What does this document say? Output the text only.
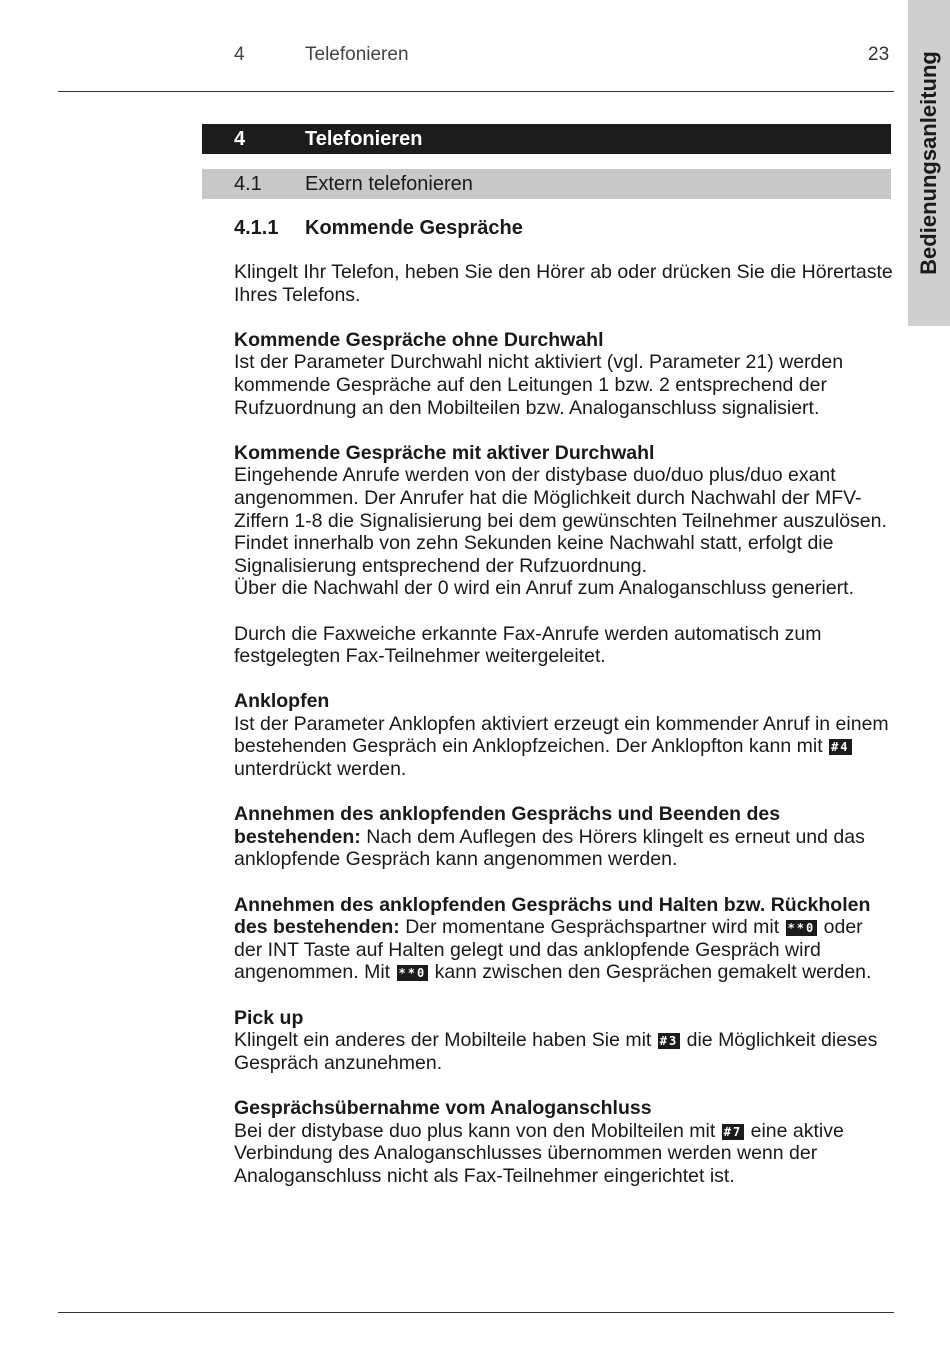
4	Telefonieren	23 Bedienungsanleitung
4	Telefonieren
4.1 Extern telefonieren
4.1.1 Kommende Gespräche

Klingelt Ihr Telefon, heben Sie den Hörer ab oder drücken Sie die Hörertaste Ihres Telefons.

Kommende Gespräche ohne Durchwahl
Ist der Parameter Durchwahl nicht aktiviert (vgl. Parameter 21) werden kommende Gespräche auf den Leitungen 1 bzw. 2 entsprechend der Rufzuordnung an den Mobilteilen bzw. Analoganschluss signalisiert.

Kommende Gespräche mit aktiver Durchwahl
Eingehende Anrufe werden von der distybase duo/duo plus/duo exant angenommen. Der Anrufer hat die Möglichkeit durch Nachwahl der MFV-Ziffern 1-8 die Signalisierung bei dem gewünschten Teilnehmer auszulösen. Findet innerhalb von zehn Sekunden keine Nachwahl statt, erfolgt die Signalisierung entsprechend der Rufzuordnung.
Über die Nachwahl der 0 wird ein Anruf zum Analoganschluss generiert.

Durch die Faxweiche erkannte Fax-Anrufe werden automatisch zum festgelegten Fax-Teilnehmer weitergeleitet.

Anklopfen
Ist der Parameter Anklopfen aktiviert erzeugt ein kommender Anruf in einem bestehenden Gespräch ein Anklopfzeichen. Der Anklopfton kann mit #4 unterdrückt werden.

Annehmen des anklopfenden Gesprächs und Beenden des bestehenden: Nach dem Auflegen des Hörers klingelt es erneut und das anklopfende Gespräch kann angenommen werden.

Annehmen des anklopfenden Gesprächs und Halten bzw. Rückholen des bestehenden: Der momentane Gesprächspartner wird mit **0 oder der INT Taste auf Halten gelegt und das anklopfende Gespräch wird angenommen. Mit **0 kann zwischen den Gesprächen gemakelt werden.

Pick up
Klingelt ein anderes der Mobilteile haben Sie mit #3 die Möglichkeit dieses Gespräch anzunehmen.

Gesprächsübernahme vom Analoganschluss
Bei der distybase duo plus kann von den Mobilteilen mit #7 eine aktive Verbindung des Analoganschlusses übernommen werden wenn der Analoganschluss nicht als Fax-Teilnehmer eingerichtet ist.
